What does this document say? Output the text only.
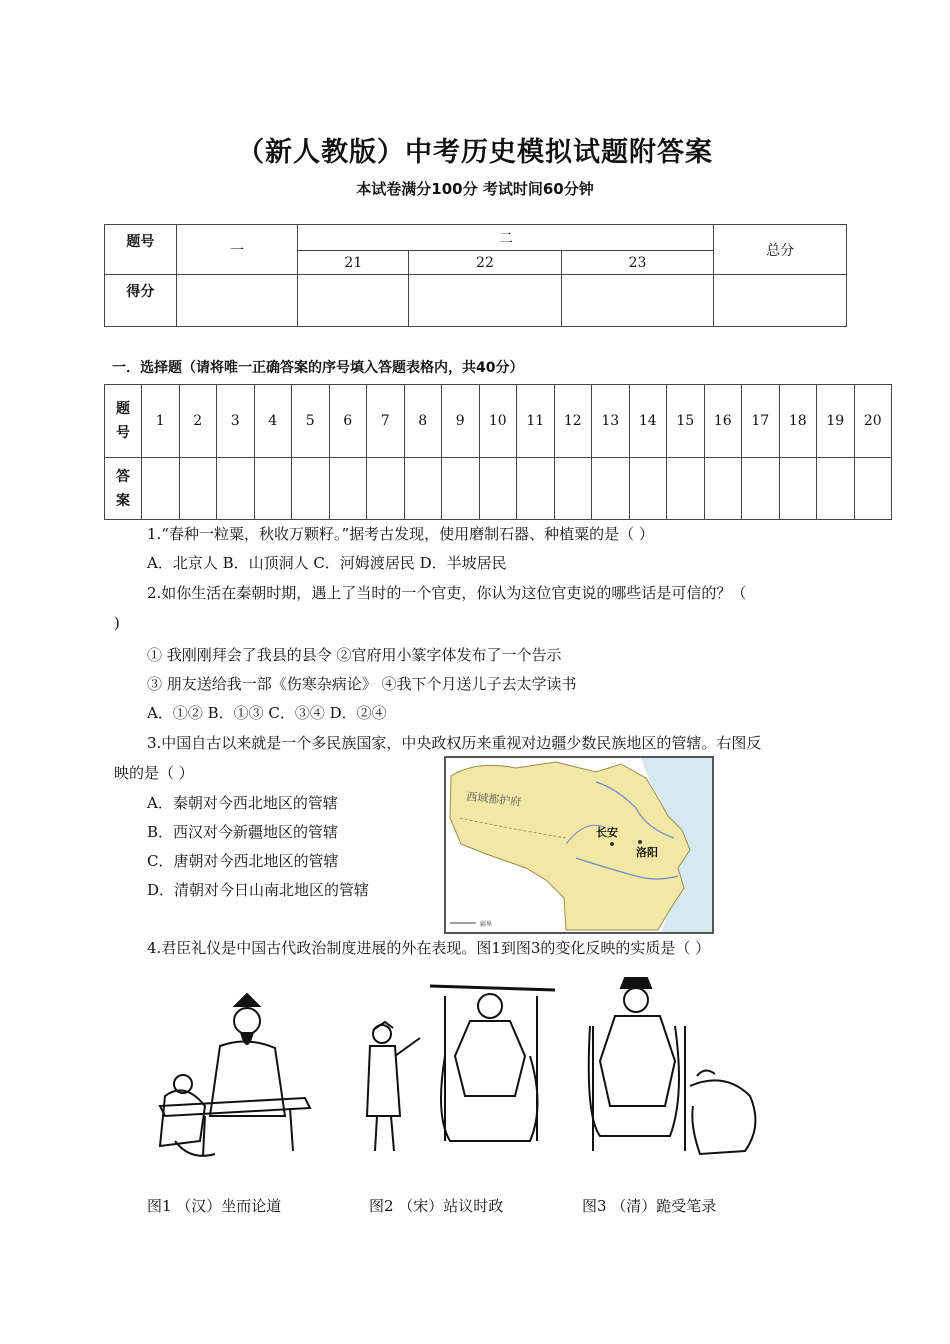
（新人教版）中考历史模拟试题附答案
本试卷满分100分 考试时间60分钟
题号	一	二			总分
		21	22	23	
得分					
一．选择题（请将唯一正确答案的序号填入答题表格内，共40分）
题
号	1	2	3	4	5	6	7	8	9	10	11	12	13	14	15	16	17	18	19	20
答
案																				
1.“春种一粒粟，秋收万颗籽。”据考古发现，使用磨制石器、种植粟的是（ ）
A．北京人 B．山顶洞人 C．河姆渡居民 D．半坡居民
2.如你生活在秦朝时期，遇上了当时的一个官吏，你认为这位官吏说的哪些话是可信的？（
)
① 我刚刚拜会了我县的县令 ②官府用小篆字体发布了一个告示
③ 朋友送给我一部《伤寒杂病论》 ④我下个月送儿子去太学读书
A．①② B．①③ C．③④ D．②④
3.中国自古以来就是一个多民族国家，中央政权历来重视对边疆少数民族地区的管辖。右图反
映的是（ ）
A．秦朝对今西北地区的管辖
B．西汉对今新疆地区的管辖
C．唐朝对今西北地区的管辖
D．清朝对今日山南北地区的管辖
西域都护府
长安
洛阳
疆界
4.君臣礼仪是中国古代政治制度进展的外在表现。图1到图3的变化反映的实质是（ ）
图1 （汉）坐而论道	图2 （宋）站议时政	图3 （清）跪受笔录
